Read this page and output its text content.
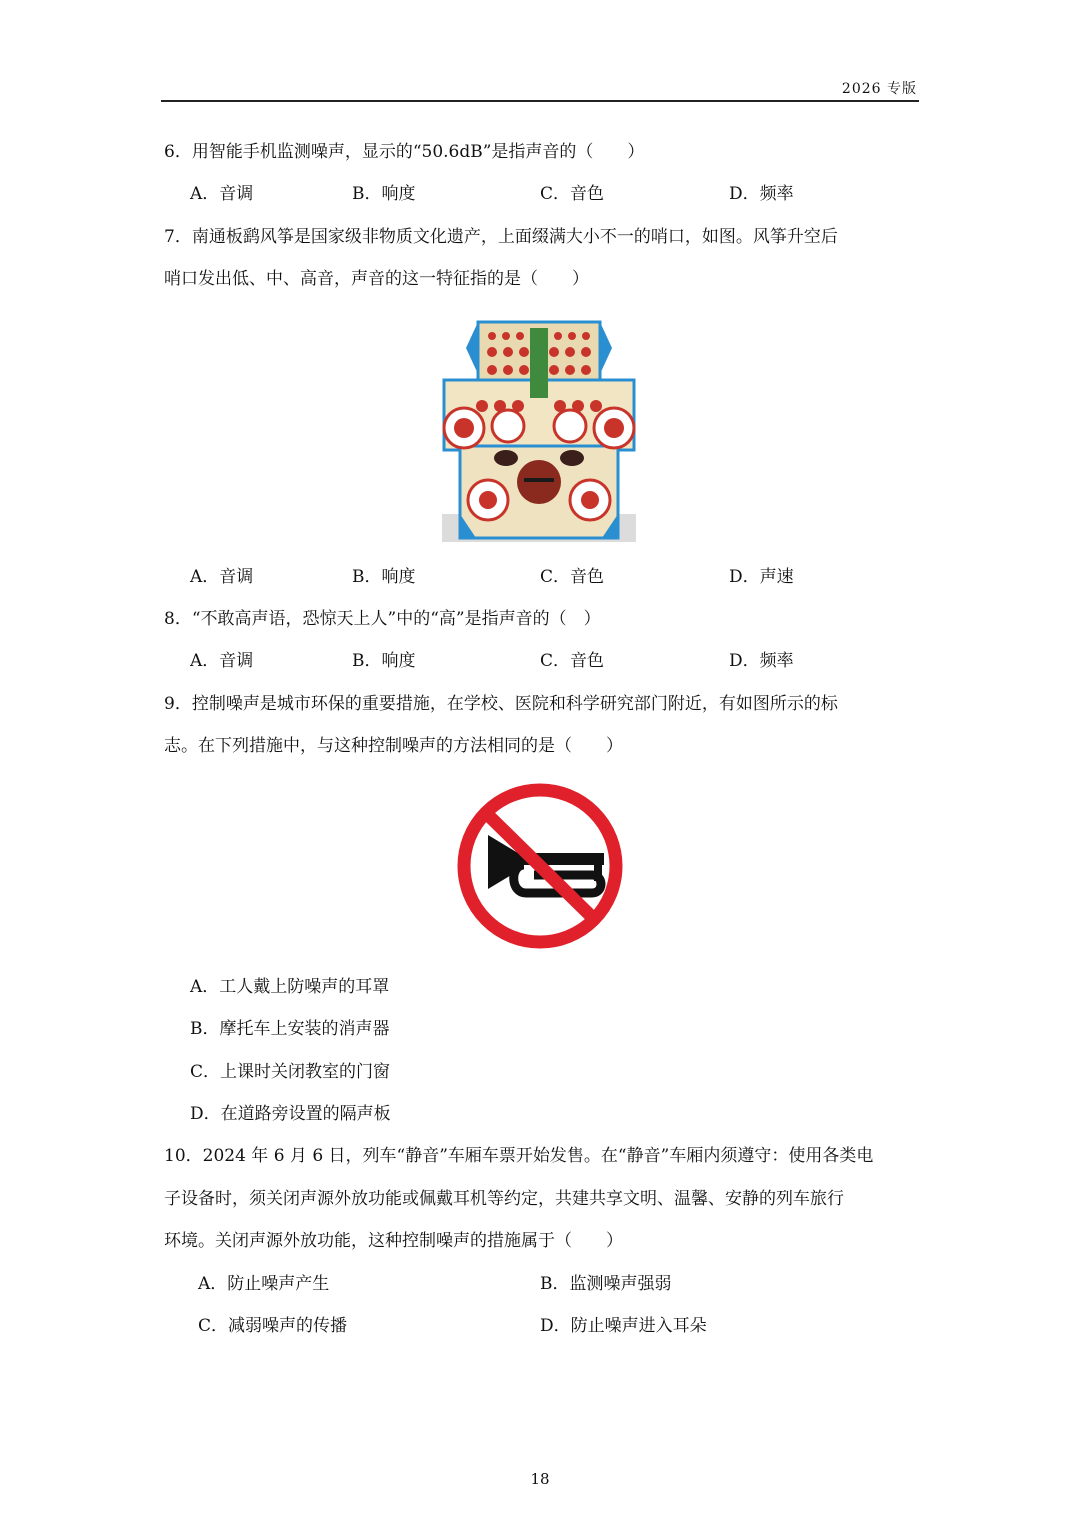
2026 专版
6．用智能手机监测噪声，显示的“50.6dB”是指声音的（　　）
A．音调	B．响度	C．音色	D．频率
7．南通板鹞风筝是国家级非物质文化遗产，上面缀满大小不一的哨口，如图。风筝升空后
哨口发出低、中、高音，声音的这一特征指的是（　　）
A．音调	B．响度	C．音色	D．声速
8．“不敢高声语，恐惊天上人”中的“高”是指声音的（　）
A．音调	B．响度	C．音色	D．频率
9．控制噪声是城市环保的重要措施，在学校、医院和科学研究部门附近，有如图所示的标
志。在下列措施中，与这种控制噪声的方法相同的是（　　）
A．工人戴上防噪声的耳罩
B．摩托车上安装的消声器
C．上课时关闭教室的门窗
D．在道路旁设置的隔声板
10．2024 年 6 月 6 日，列车“静音”车厢车票开始发售。在“静音”车厢内须遵守：使用各类电
子设备时，须关闭声源外放功能或佩戴耳机等约定，共建共享文明、温馨、安静的列车旅行
环境。关闭声源外放功能，这种控制噪声的措施属于（　　）
A．防止噪声产生	B．监测噪声强弱
C．减弱噪声的传播	D．防止噪声进入耳朵
18
